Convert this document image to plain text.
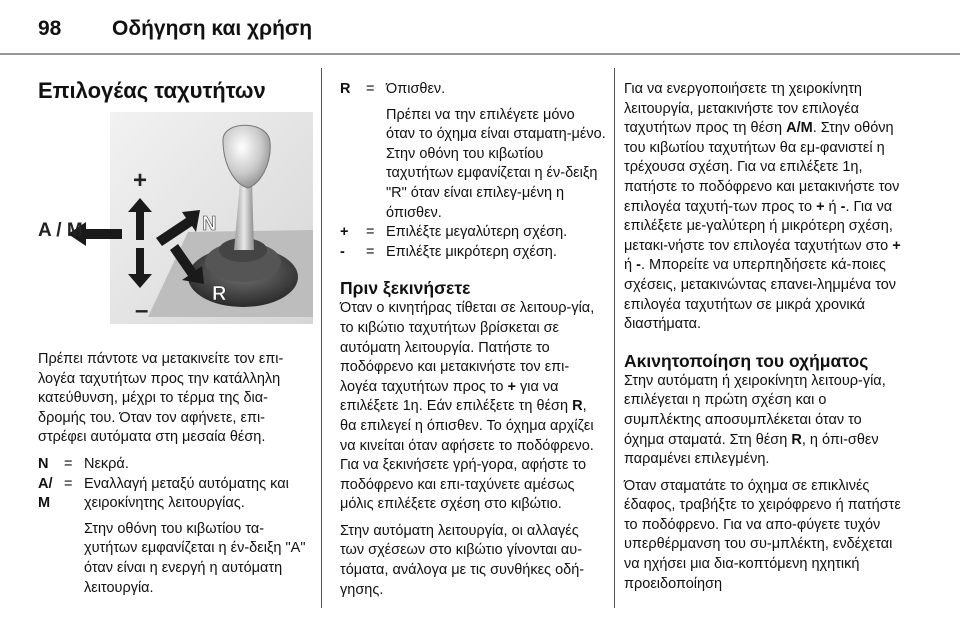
98 Οδήγηση και χρήση
Επιλογέας ταχυτήτων
A / M
+
–
N
R

Πρέπει πάντοτε να μετακινείτε τον επι-λογέα ταχυτήτων προς την κατάλληλη κατεύθυνση, μέχρι το τέρμα της δια-δρομής του. Όταν τον αφήνετε, επι-στρέφει αυτόματα στη μεσαία θέση.

N	= Νεκρά.

A/
M
= Εναλλαγή μεταξύ αυτόματης και χειροκίνητης λειτουργίας.

Στην οθόνη του κιβωτίου τα-χυτήτων εμφανίζεται η έν-δειξη "A" όταν είναι η ενεργή η αυτόματη λειτουργία.

R	= Όπισθεν.

Πρέπει να την επιλέγετε μόνο όταν το όχημα είναι σταματη-μένο. Στην οθόνη του κιβωτίου ταχυτήτων εμφανίζεται η έν-δειξη "R" όταν είναι επιλεγ-μένη η όπισθεν.

+	= Επιλέξτε μεγαλύτερη σχέση.

-	= Επιλέξτε μικρότερη σχέση.

Πριν ξεκινήσετε

Όταν ο κινητήρας τίθεται σε λειτουρ-γία, το κιβώτιο ταχυτήτων βρίσκεται σε αυτόματη λειτουργία. Πατήστε το ποδόφρενο και μετακινήστε τον επι-λογέα ταχυτήτων προς το + για να επιλέξετε 1η. Εάν επιλέξετε τη θέση R, θα επιλεγεί η όπισθεν. Το όχημα αρχίζει να κινείται όταν αφήσετε το ποδόφρενο. Για να ξεκινήσετε γρή-γορα, αφήστε το ποδόφρενο και επι-ταχύνετε αμέσως μόλις επιλέξετε σχέση στο κιβώτιο.

Στην αυτόματη λειτουργία, οι αλλαγές των σχέσεων στο κιβώτιο γίνονται αυ-τόματα, ανάλογα με τις συνθήκες οδή-γησης.

Για να ενεργοποιήσετε τη χειροκίνητη λειτουργία, μετακινήστε τον επιλογέα ταχυτήτων προς τη θέση A/M. Στην οθόνη του κιβωτίου ταχυτήτων θα εμ-φανιστεί η τρέχουσα σχέση. Για να επιλέξετε 1η, πατήστε το ποδόφρενο και μετακινήστε τον επιλογέα ταχυτή-των προς το + ή -. Για να επιλέξετε με-γαλύτερη ή μικρότερη σχέση, μετακι-νήστε τον επιλογέα ταχυτήτων στο + ή -. Μπορείτε να υπερπηδήσετε κά-ποιες σχέσεις, μετακινώντας επανει-λημμένα τον επιλογέα ταχυτήτων σε μικρά χρονικά διαστήματα.

Ακινητοποίηση του οχήματος

Στην αυτόματη ή χειροκίνητη λειτουρ-γία, επιλέγεται η πρώτη σχέση και ο συμπλέκτης αποσυμπλέκεται όταν το όχημα σταματά. Στη θέση R, η όπι-σθεν παραμένει επιλεγμένη.

Όταν σταματάτε το όχημα σε επικλινές έδαφος, τραβήξτε το χειρόφρενο ή πατήστε το ποδόφρενο. Για να απο-φύγετε τυχόν υπερθέρμανση του συ-μπλέκτη, ενδέχεται να ηχήσει μια δια-κοπτόμενη ηχητική προειδοποίηση
